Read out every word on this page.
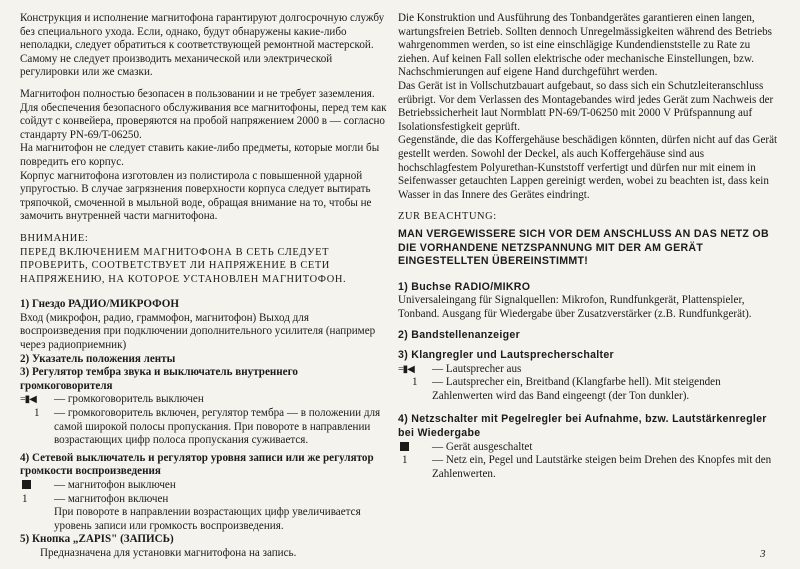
Конструкция и исполнение магнитофона гарантируют долгосрочную службу без специального ухода. Если, однако, будут обнаружены какие-либо неполадки, следует обратиться к соответствующей ремонтной мастерской. Самому не следует производить механической или электрической регулировки или же смазки.

Магнитофон полностью безопасен в пользовании и не требует заземления. Для обеспечения безопасного обслуживания все магнитофоны, перед тем как сойдут с конвейера, проверяются на пробой напряжением 2000 в — согласно стандарту PN-69/T-06250.

На магнитофон не следует ставить какие-либо предметы, которые могли бы повредить его корпус.

Корпус магнитофона изготовлен из полистирола с повышенной ударной упругостью. В случае загрязнения поверхности корпуса следует вытирать тряпочкой, смоченной в мыльной воде, обращая внимание на то, чтобы не замочить внутренней части магнитофона.

ВНИМАНИЕ:

ПЕРЕД ВКЛЮЧЕНИЕМ МАГНИТОФОНА В СЕТЬ СЛЕДУЕТ ПРОВЕРИТЬ, СООТВЕТСТВУЕТ ЛИ НАПРЯЖЕНИЕ В СЕТИ НАПРЯЖЕНИЮ, НА КОТОРОЕ УСТАНОВЛЕН МАГНИТОФОН.

1) Гнездо РАДИО/МИКРОФОН

Вход (микрофон, радио, граммофон, магнитофон) Выход для воспроизведения при подключении дополнительного усилителя (например через радиоприемник)

2) Указатель положения ленты

3) Регулятор тембра звука и выключатель внутреннего громкоговорителя

=▮◀	— громкоговоритель выключен
1	— громкоговоритель включен, регулятор тембра — в положении для самой широкой полосы пропускания. При повороте в направлении возрастающих цифр полоса пропускания суживается.

4) Сетевой выключатель и регулятор уровня записи или же регулятор громкости воспроизведения

— магнитофон выключен
1	— магнитофон включен

При повороте в направлении возрастающих цифр увеличивается уровень записи или громкость воспроизведения.

5) Кнопка „ZAPIS" (ЗАПИСЬ)

Предназначена для установки магнитофона на запись.

Die Konstruktion und Ausführung des Tonbandgerätes garantieren einen langen, wartungsfreien Betrieb. Sollten dennoch Unregelmässigkeiten während des Betriebs wahrgenommen werden, so ist eine einschlägige Kundendienststelle zu Rate zu ziehen. Auf keinen Fall sollen elektrische oder mechanische Einstellungen, bzw. Nachschmierungen auf eigene Hand durchgeführt werden.

Das Gerät ist in Vollschutzbauart aufgebaut, so dass sich ein Schutzleiteranschluss erübrigt. Vor dem Verlassen des Montagebandes wird jedes Gerät zum Nachweis der Betriebssicherheit laut Normblatt PN-69/T-06250 mit 2000 V Prüfspannung auf Isolationsfestigkeit geprüft.

Gegenstände, die das Koffergehäuse beschädigen könnten, dürfen nicht auf das Gerät gestellt werden. Sowohl der Deckel, als auch Koffergehäuse sind aus hochschlagfestem Polyurethan-Kunststoff verfertigt und dürfen nur mit einem in Seifenwasser getauchten Lappen gereinigt werden, wobei zu beachten ist, dass kein Wasser in das Innere des Gerätes eindringt.

ZUR BEACHTUNG:

MAN VERGEWISSERE SICH VOR DEM ANSCHLUSS AN DAS NETZ OB DIE VORHANDENE NETZSPANNUNG MIT DER AM GERÄT EINGESTELLTEN ÜBEREINSTIMMT!

1) Buchse RADIO/MIKRO

Universaleingang für Signalquellen: Mikrofon, Rundfunkgerät, Plattenspieler, Tonband. Ausgang für Wiedergabe über Zusatzverstärker (z.B. Rundfunkgerät).

2) Bandstellenanzeiger

3) Klangregler und Lautsprecherschalter

=▮◀	— Lautsprecher aus
1	— Lautsprecher ein, Breitband (Klangfarbe hell). Mit steigenden Zahlenwerten wird das Band eingeengt (der Ton dunkler).

4) Netzschalter mit Pegelregler bei Aufnahme, bzw. Lautstärkenregler bei Wiedergabe

— Gerät ausgeschaltet
1	— Netz ein, Pegel und Lautstärke steigen beim Drehen des Knopfes mit den Zahlenwerten.
3
